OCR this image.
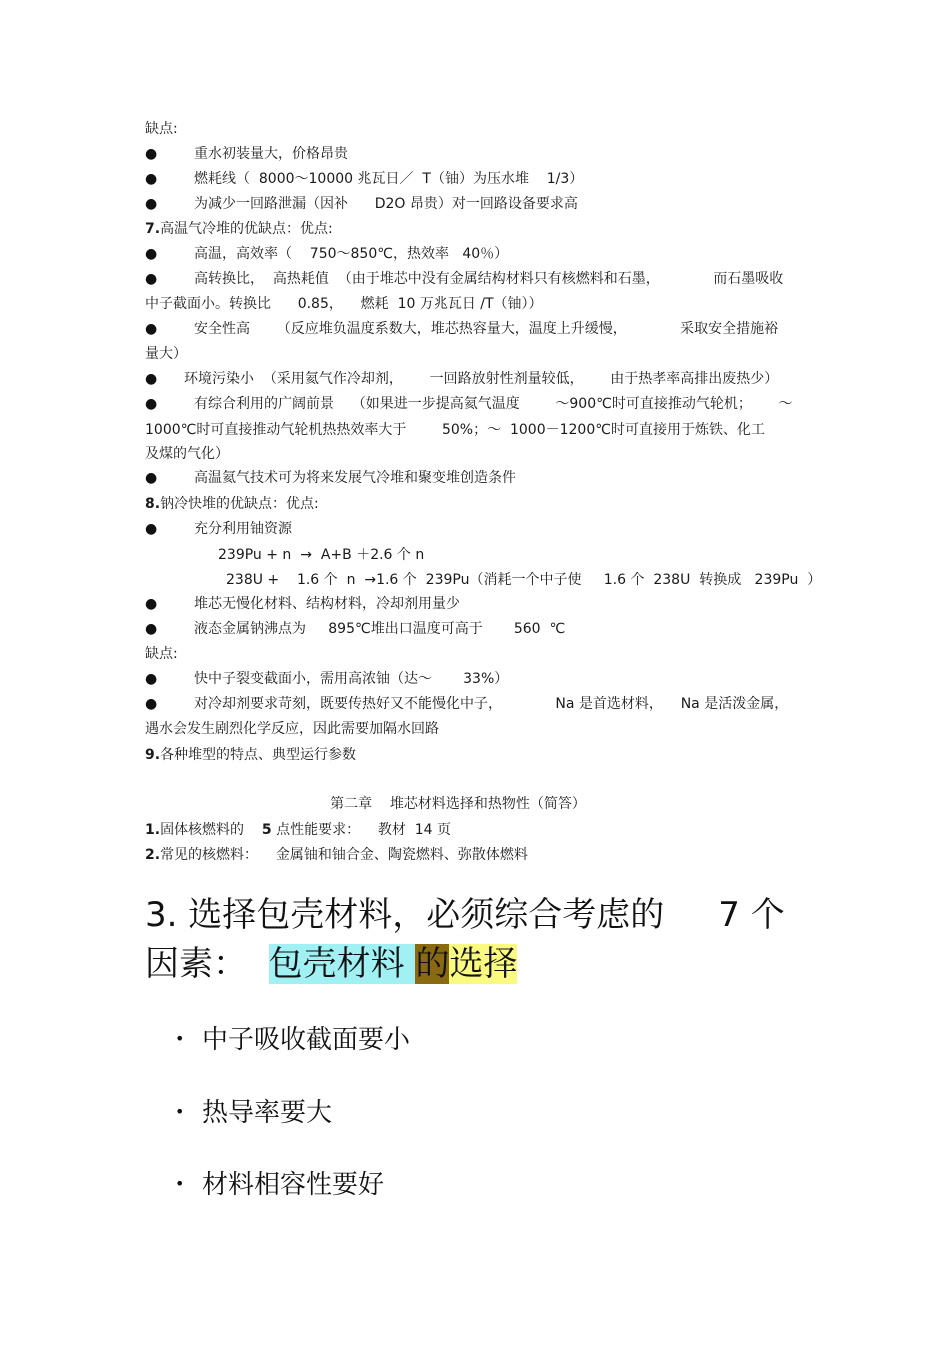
缺点:
●	重水初装量大，价格昂贵
●	燃耗线（  8000～10000 兆瓦日／  T（铀）为压水堆    1/3）
●	为减少一回路泄漏（因补      D2O 昂贵）对一回路设备要求高
7.高温气冷堆的优缺点：优点:
●	高温，高效率（    750～850℃，热效率   40％）
●	高转换比，  高热耗值  （由于堆芯中没有金属结构材料只有核燃料和石墨，            而石墨吸收
中子截面小。转换比      0.85，    燃耗  10 万兆瓦日 /T（铀））
●	安全性高      （反应堆负温度系数大，堆芯热容量大，温度上升缓慢，            采取安全措施裕
量大）
● 环境污染小  （采用氦气作冷却剂，      一回路放射性剂量较低，      由于热孝率高排出废热少）
●	有综合利用的广阔前景    （如果进一步提高氦气温度        ～900℃时可直接推动气轮机；      ～
1000℃时可直接推动气轮机热热效率大于        50%；～  1000－1200℃时可直接用于炼铁、化工
及煤的气化）
●	高温氦气技术可为将来发展气冷堆和聚变堆创造条件
8.钠冷快堆的优缺点：优点:
●	充分利用铀资源
239Pu + n  →  A+B ＋2.6 个 n
238U +    1.6 个  n  →1.6 个  239Pu（消耗一个中子使     1.6 个  238U  转换成   239Pu  ）
●	堆芯无慢化材料、结构材料，冷却剂用量少
●	液态金属钠沸点为     895℃堆出口温度可高于       560  ℃
缺点:
●	快中子裂变截面小，需用高浓铀（达～       33%）
●	对冷却剂要求苛刻，既要传热好又不能慢化中子，            Na 是首选材料，    Na 是活泼金属，
遇水会发生剧烈化学反应，因此需要加隔水回路
9.各种堆型的特点、典型运行参数
第二章    堆芯材料选择和热物性（简答）
1.固体核燃料的    5 点性能要求：    教材  14 页
2.常见的核燃料：    金属铀和铀合金、陶瓷燃料、弥散体燃料
3. 选择包壳材料，必须综合考虑的     7 个
因素：  包壳材料 的选择
• 中子吸收截面要小
• 热导率要大
• 材料相容性要好
